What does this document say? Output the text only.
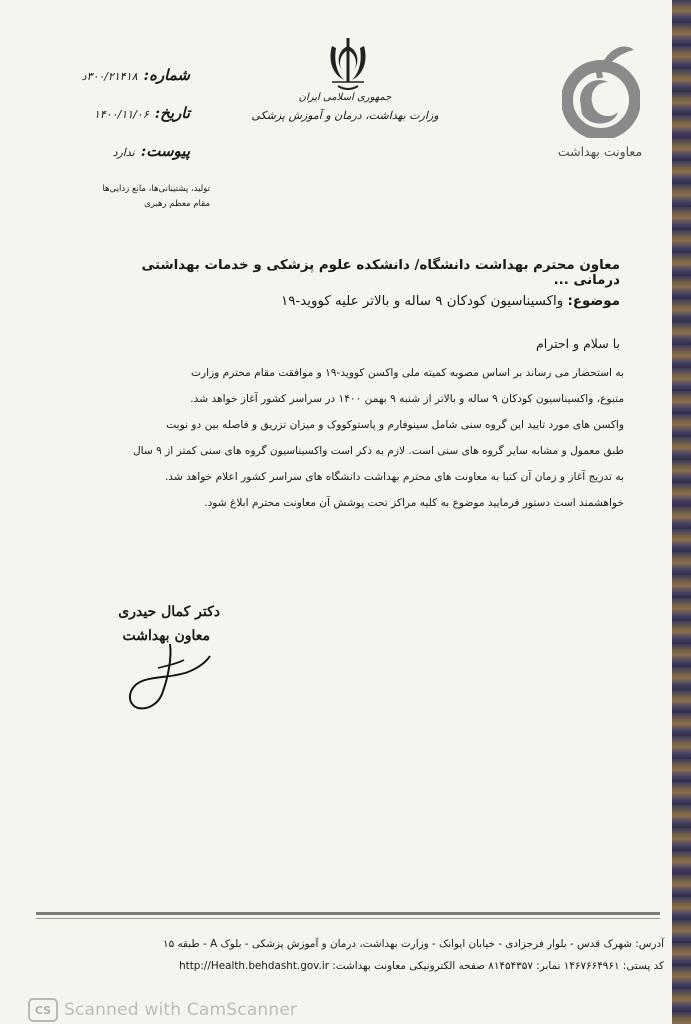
شماره:
۳۰۰/۲۱۴۱۸د
تاریخ:
۱۴۰۰/۱۱/۰۶
پیوست:
ندارد
تولید، پشتیبانی‌ها، مانع زدایی‌ها
مقام معظم رهبری
جمهوری اسلامی ایران
وزارت بهداشت، درمان و آموزش پزشکی
معاونت بهداشت
معاون محترم بهداشت دانشگاه/ دانشکده علوم پزشکی و خدمات بهداشتی درمانی ...
موضوع: واکسیناسیون کودکان ۹ ساله و بالاتر علیه کووید-۱۹
با سلام و احترام
به استحضار می رساند بر اساس مصوبه کمیته ملی واکسن کووید-۱۹ و موافقت مقام محترم وزارت
متبوع، واکسیناسیون کودکان ۹ ساله و بالاتر از شنبه ۹ بهمن ۱۴۰۰ در سراسر کشور آغاز خواهد شد.
واکسن های مورد تایید این گروه سنی شامل سینوفارم و پاستوکووک و میزان تزریق و فاصله بین دو نوبت
طبق معمول و مشابه سایر گروه های سنی است. لازم به ذکر است واکسیناسیون گروه های سنی کمتر از ۹ سال
به تدریج آغاز و زمان آن کتبا به معاونت های محترم بهداشت دانشگاه های سراسر کشور اعلام خواهد شد.
خواهشمند است دستور فرمایید موضوع به کلیه مراکز تحت پوشش آن معاونت محترم ابلاغ شود.
دکتر کمال حیدری
معاون بهداشت
آدرس: شهرک قدس - بلوار فرحزادی - خیابان ایوانک - وزارت بهداشت، درمان و آموزش پزشکی - بلوک A - طبقه ۱۵
کد پستی: ۱۴۶۷۶۶۴۹۶۱ نمابر: ۸۱۴۵۴۳۵۷ صفحه الکترونیکی معاونت بهداشت: http://Health.behdasht.gov.ir
CS Scanned with CamScanner
